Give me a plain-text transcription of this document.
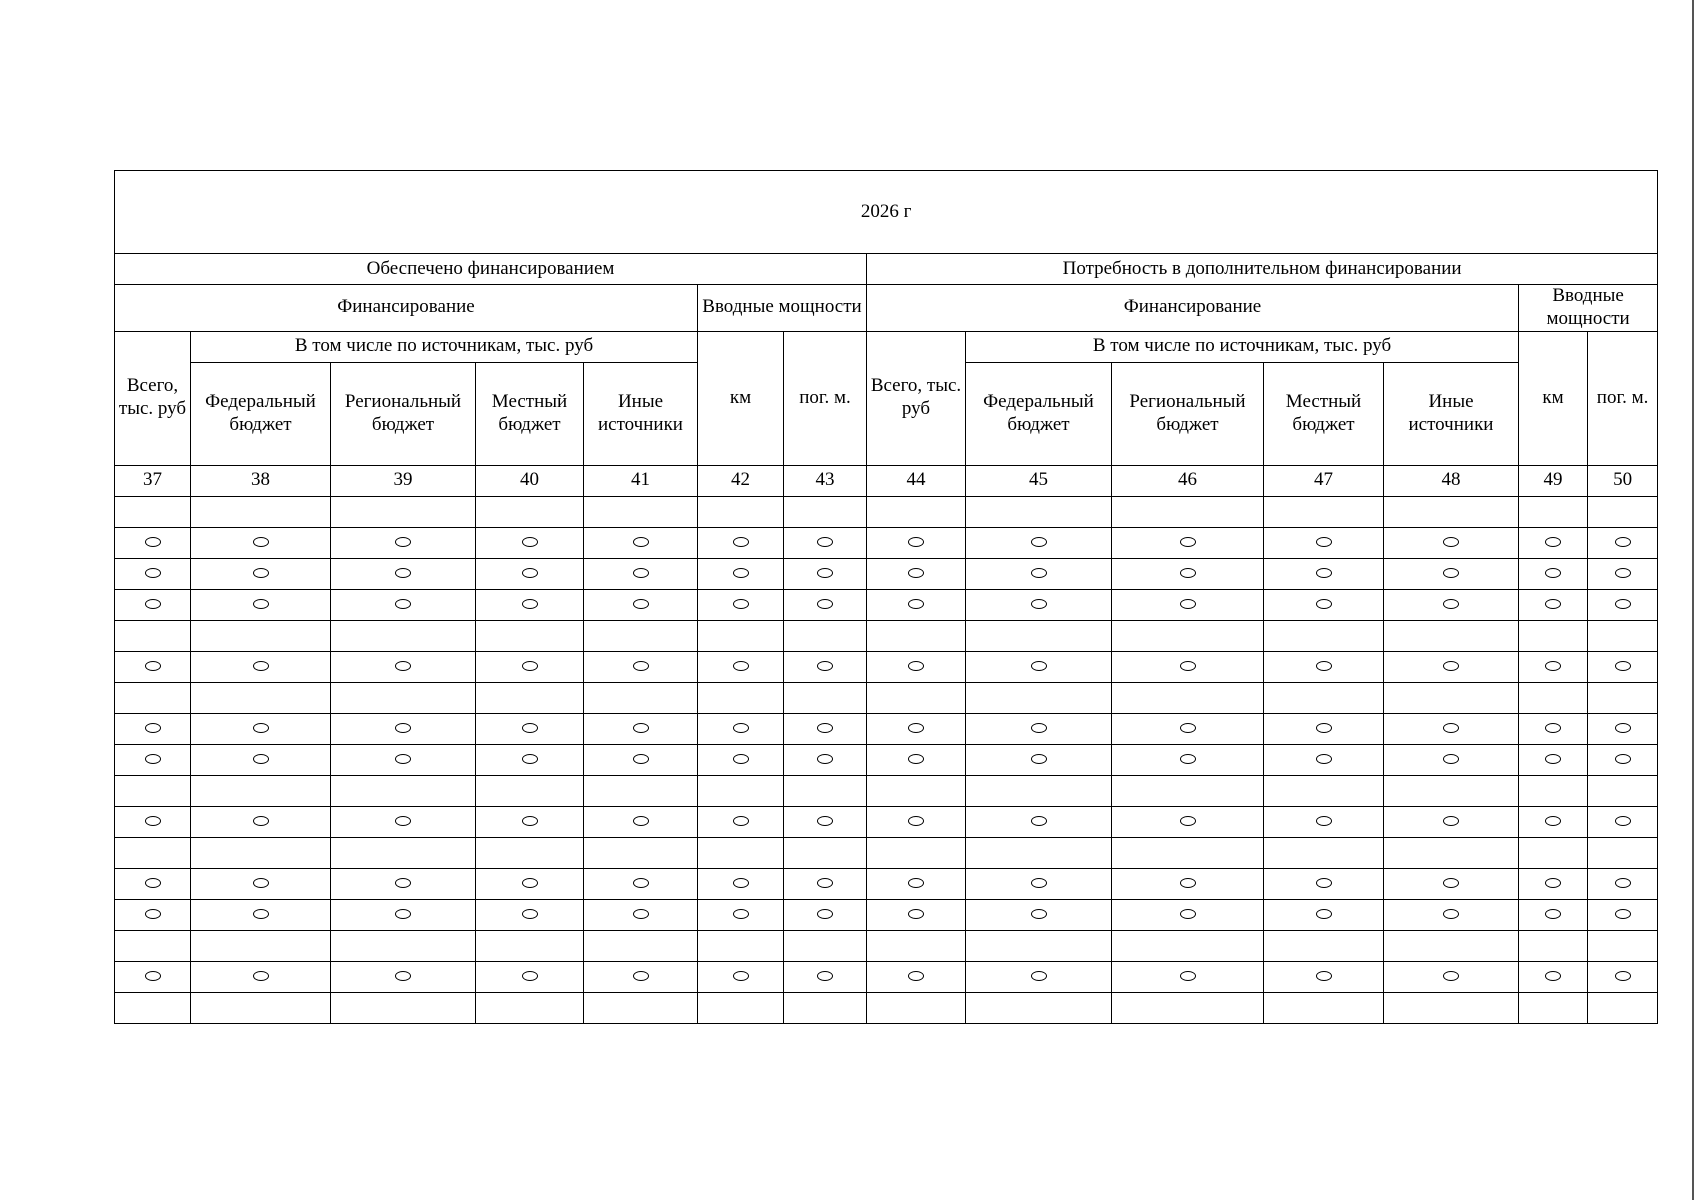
2026 г													
Обеспечено финансированием							Потребность в дополнительном финансировании						
Финансирование					Вводные мощности		Финансирование					Вводные мощности	
Всего, тыс. руб	В том числе по источникам, тыс. руб				км	пог. м.	Всего, тыс. руб	В том числе по источникам, тыс. руб				км	пог. м.
	Федеральный бюджет	Региональный бюджет	Местный бюджет	Иные источники				Федеральный бюджет	Региональный бюджет	Местный бюджет	Иные источники		
37	38	39	40	41	42	43	44	45	46	47	48	49	50
